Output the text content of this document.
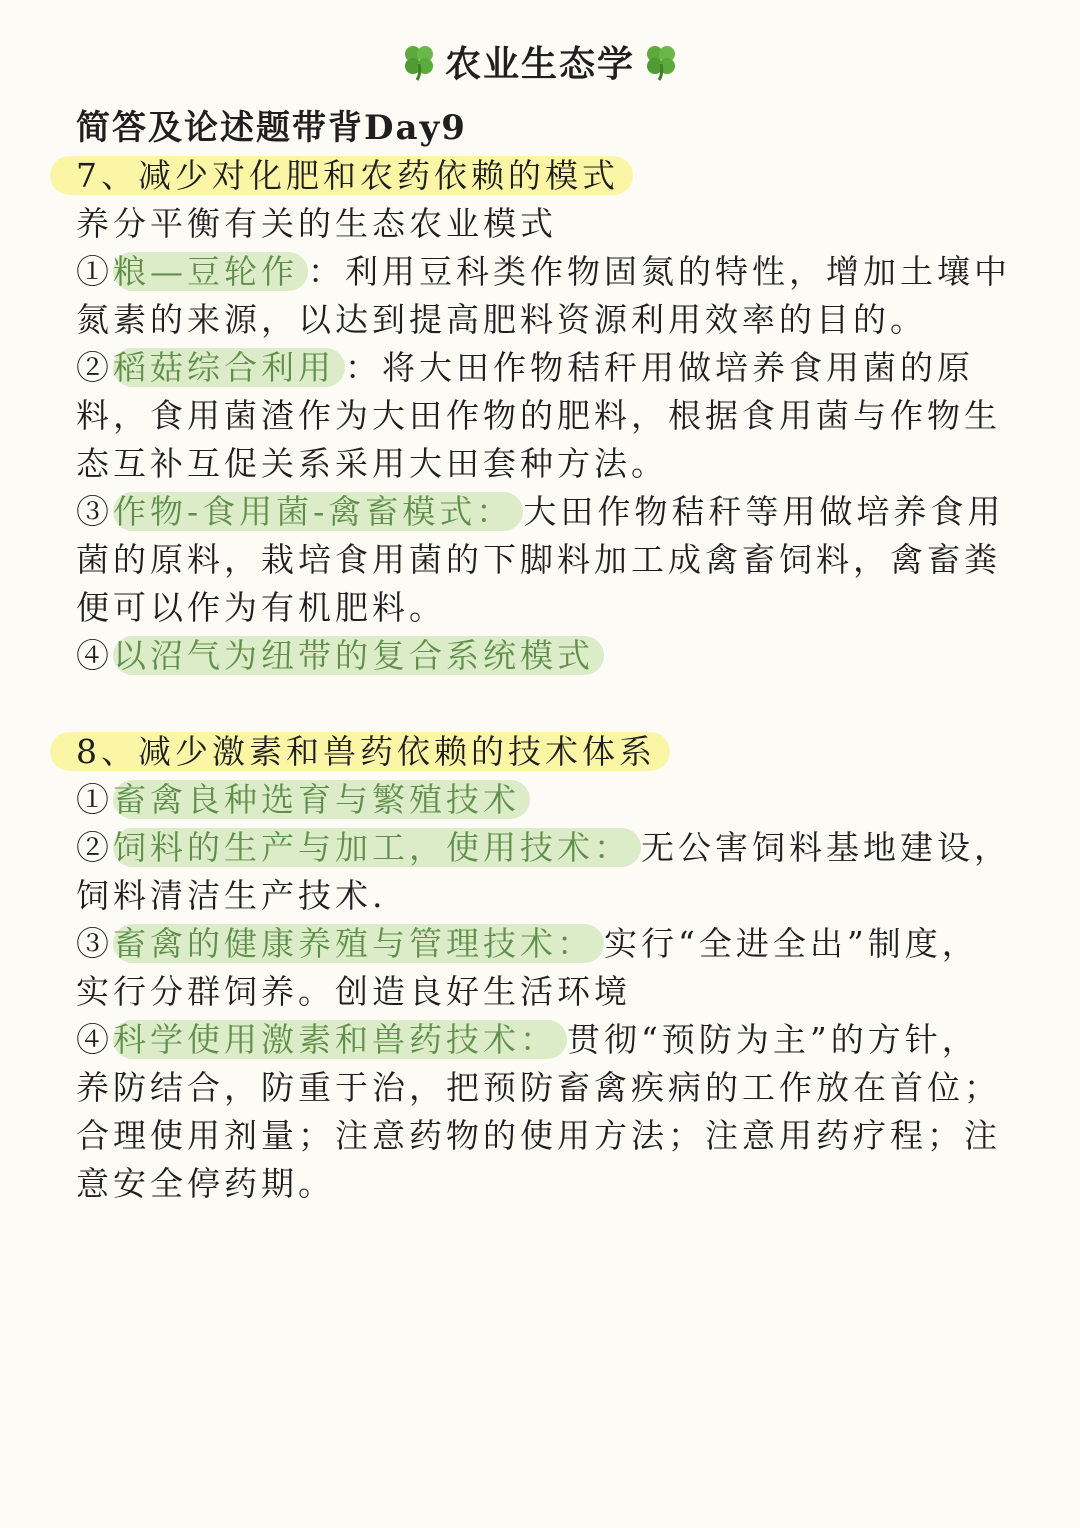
农业生态学
简答及论述题带背Day9
7、减少对化肥和农药依赖的模式
养分平衡有关的生态农业模式
①粮—豆轮作 ：利用豆科类作物固氮的特性，增加土壤中
氮素的来源，以达到提高肥料资源利用效率的目的。
②稻菇综合利用 ：将大田作物秸秆用做培养食用菌的原
料，食用菌渣作为大田作物的肥料，根据食用菌与作物生
态互补互促关系采用大田套种方法。
③作物-食用菌-禽畜模式： 大田作物秸秆等用做培养食用
菌的原料，栽培食用菌的下脚料加工成禽畜饲料，禽畜粪
便可以作为有机肥料。
④以沼气为纽带的复合系统模式
8、减少激素和兽药依赖的技术体系
①畜禽良种选育与繁殖技术
②饲料的生产与加工，使用技术： 无公害饲料基地建设，
饲料清洁生产技术.
③畜禽的健康养殖与管理技术： 实行“全进全出”制度，
实行分群饲养。创造良好生活环境
④科学使用激素和兽药技术： 贯彻“预防为主”的方针，
养防结合，防重于治，把预防畜禽疾病的工作放在首位；
合理使用剂量；注意药物的使用方法；注意用药疗程；注
意安全停药期。
